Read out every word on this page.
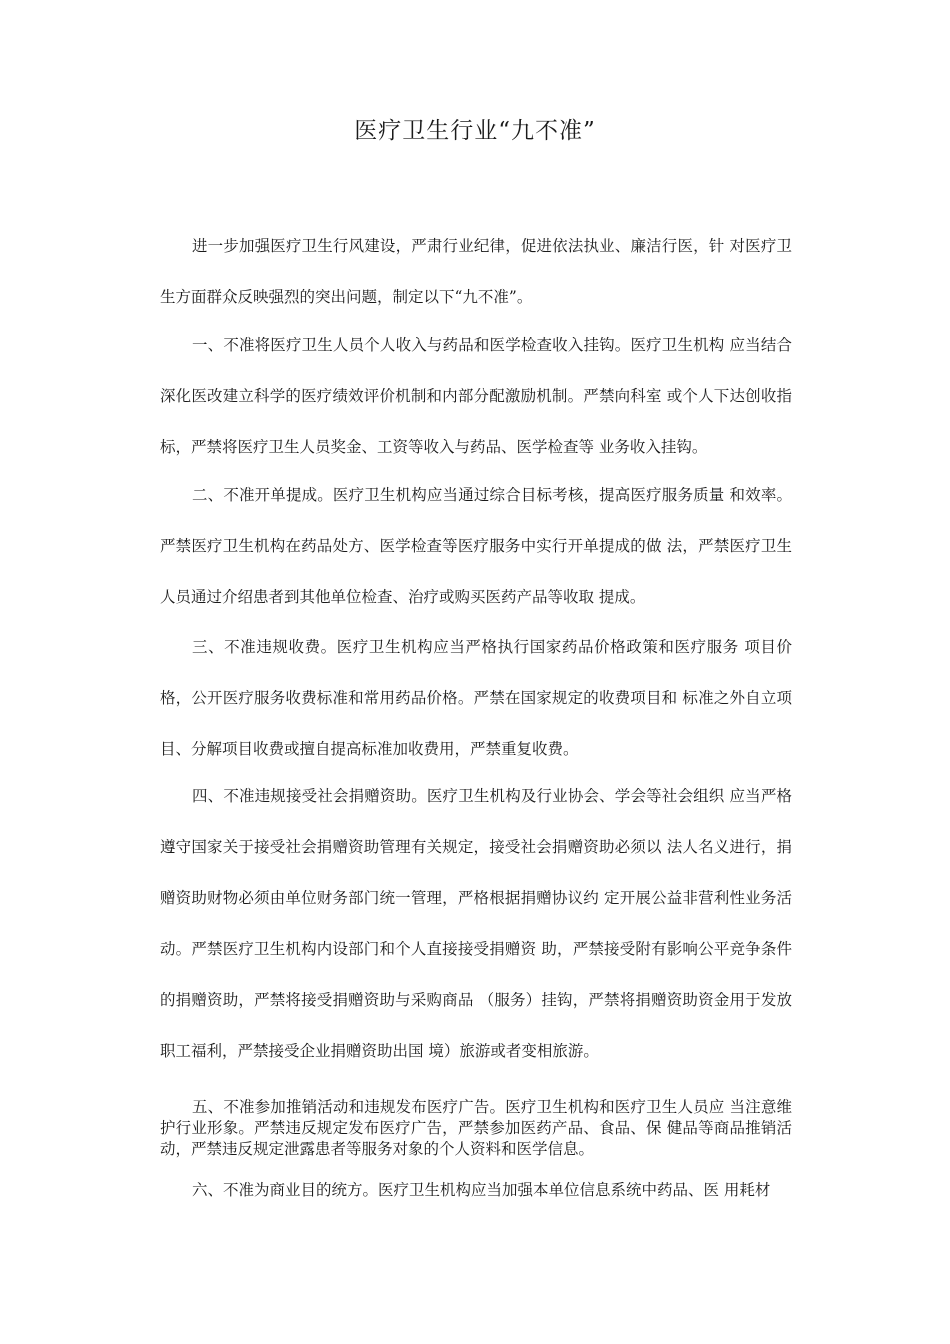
医疗卫生行业“九不准”

进一步加强医疗卫生行风建设，严肃行业纪律，促进依法执业、廉洁行医，针 对医疗卫生方面群众反映强烈的突出问题，制定以下“九不准”。

一、不准将医疗卫生人员个人收入与药品和医学检查收入挂钩。医疗卫生机构 应当结合深化医改建立科学的医疗绩效评价机制和内部分配激励机制。严禁向科室 或个人下达创收指标，严禁将医疗卫生人员奖金、工资等收入与药品、医学检查等 业务收入挂钩。

二、不准开单提成。医疗卫生机构应当通过综合目标考核，提高医疗服务质量 和效率。严禁医疗卫生机构在药品处方、医学检查等医疗服务中实行开单提成的做 法，严禁医疗卫生人员通过介绍患者到其他单位检查、治疗或购买医药产品等收取 提成。

三、不准违规收费。医疗卫生机构应当严格执行国家药品价格政策和医疗服务 项目价格，公开医疗服务收费标准和常用药品价格。严禁在国家规定的收费项目和 标准之外自立项目、分解项目收费或擅自提高标准加收费用，严禁重复收费。

四、不准违规接受社会捐赠资助。医疗卫生机构及行业协会、学会等社会组织 应当严格遵守国家关于接受社会捐赠资助管理有关规定，接受社会捐赠资助必须以 法人名义进行，捐赠资助财物必须由单位财务部门统一管理，严格根据捐赠协议约 定开展公益非营利性业务活动。严禁医疗卫生机构内设部门和个人直接接受捐赠资 助，严禁接受附有影响公平竞争条件的捐赠资助，严禁将接受捐赠资助与采购商品 （服务）挂钩，严禁将捐赠资助资金用于发放职工福利，严禁接受企业捐赠资助出国 境）旅游或者变相旅游。

五、不准参加推销活动和违规发布医疗广告。医疗卫生机构和医疗卫生人员应 当注意维护行业形象。严禁违反规定发布医疗广告，严禁参加医药产品、食品、保 健品等商品推销活动，严禁违反规定泄露患者等服务对象的个人资料和医学信息。

六、不准为商业目的统方。医疗卫生机构应当加强本单位信息系统中药品、医 用耗材
